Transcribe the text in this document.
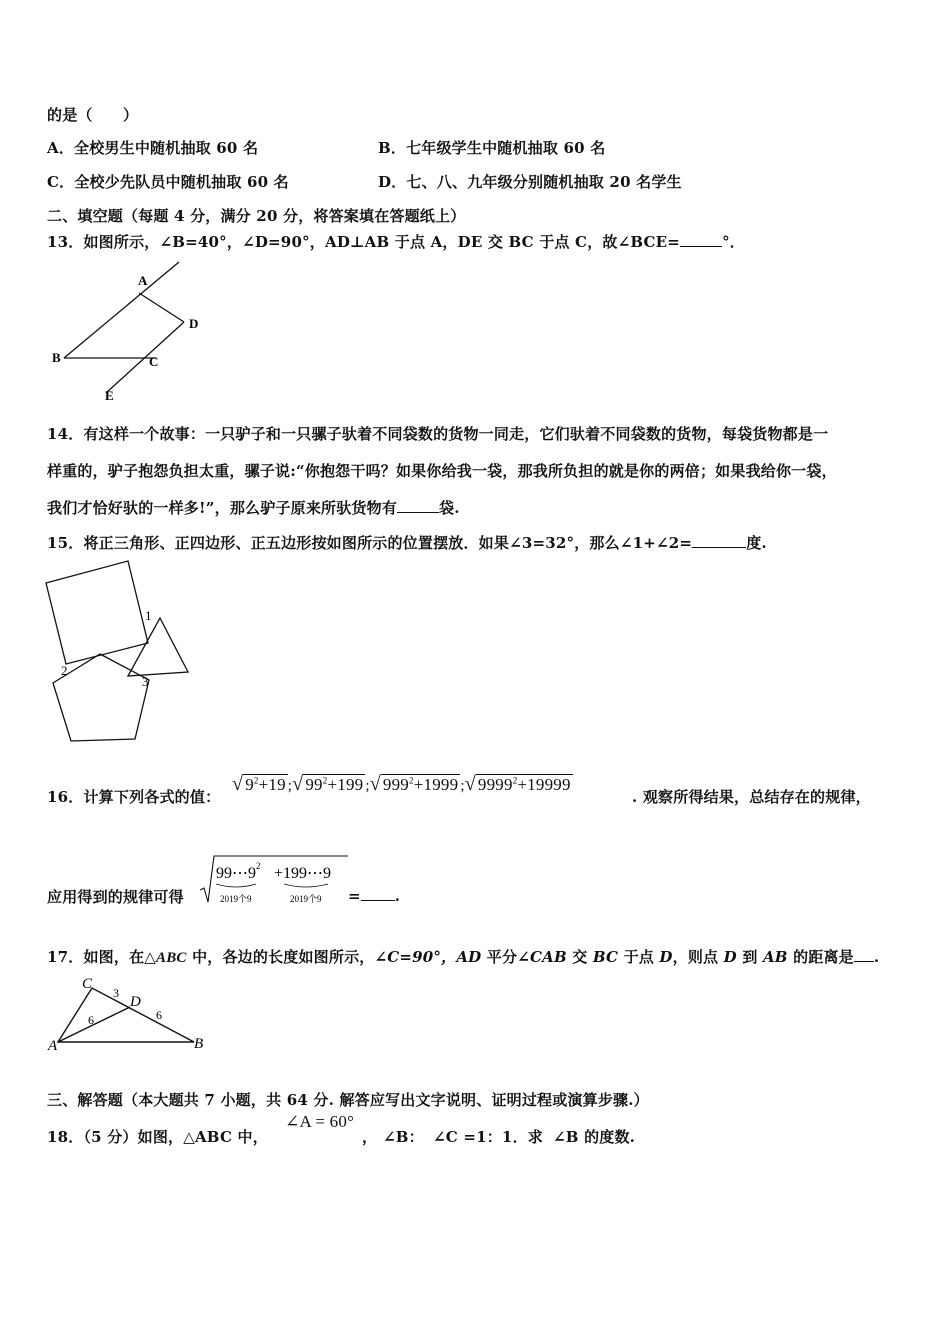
的是（　　）
A．全校男生中随机抽取 60 名	B．七年级学生中随机抽取 60 名
C．全校少先队员中随机抽取 60 名	D．七、八、九年级分别随机抽取 20 名学生
二、填空题（每题 4 分，满分 20 分，将答案填在答题纸上）
13．如图所示，∠B=40°，∠D=90°，AD⊥AB 于点 A，DE 交 BC 于点 C，故∠BCE=	°．
A
D
B	C
E
14．有这样一个故事：一只驴子和一只骡子驮着不同袋数的货物一同走，它们驮着不同袋数的货物，每袋货物都是一
样重的，驴子抱怨负担太重，骡子说:“你抱怨干吗？如果你给我一袋，那我所负担的就是你的两倍；如果我给你一袋，
我们才恰好驮的一样多!”，那么驴子原来所驮货物有	袋.
15．将正三角形、正四边形、正五边形按如图所示的位置摆放．如果∠3=32°，那么∠1+∠2=	度.
1
2
3
16．计算下列各式的值：
√ $9^2+19$ ;√ $99^2+199$ ;√ $999^2+1999$ ;√ $9999^2+19999$
. 观察所得结果，总结存在的规律，
应用得到的规律可得
99⋯9 2 +199⋯9
2019个9	2019个9 = .
17．如图，在△ABC 中，各边的长度如图所示，∠C=90°，AD 平分∠CAB 交 BC 于点 D，则点 D 到 AB 的距离是 .
C
A	B
D
3
6	6
三、解答题（本大题共 7 小题，共 64 分. 解答应写出文字说明、证明过程或演算步骤.）
18．（5 分）如图，△ABC 中，
∠A = 60°
， ∠B： ∠C =1：1．求 ∠B 的度数.
